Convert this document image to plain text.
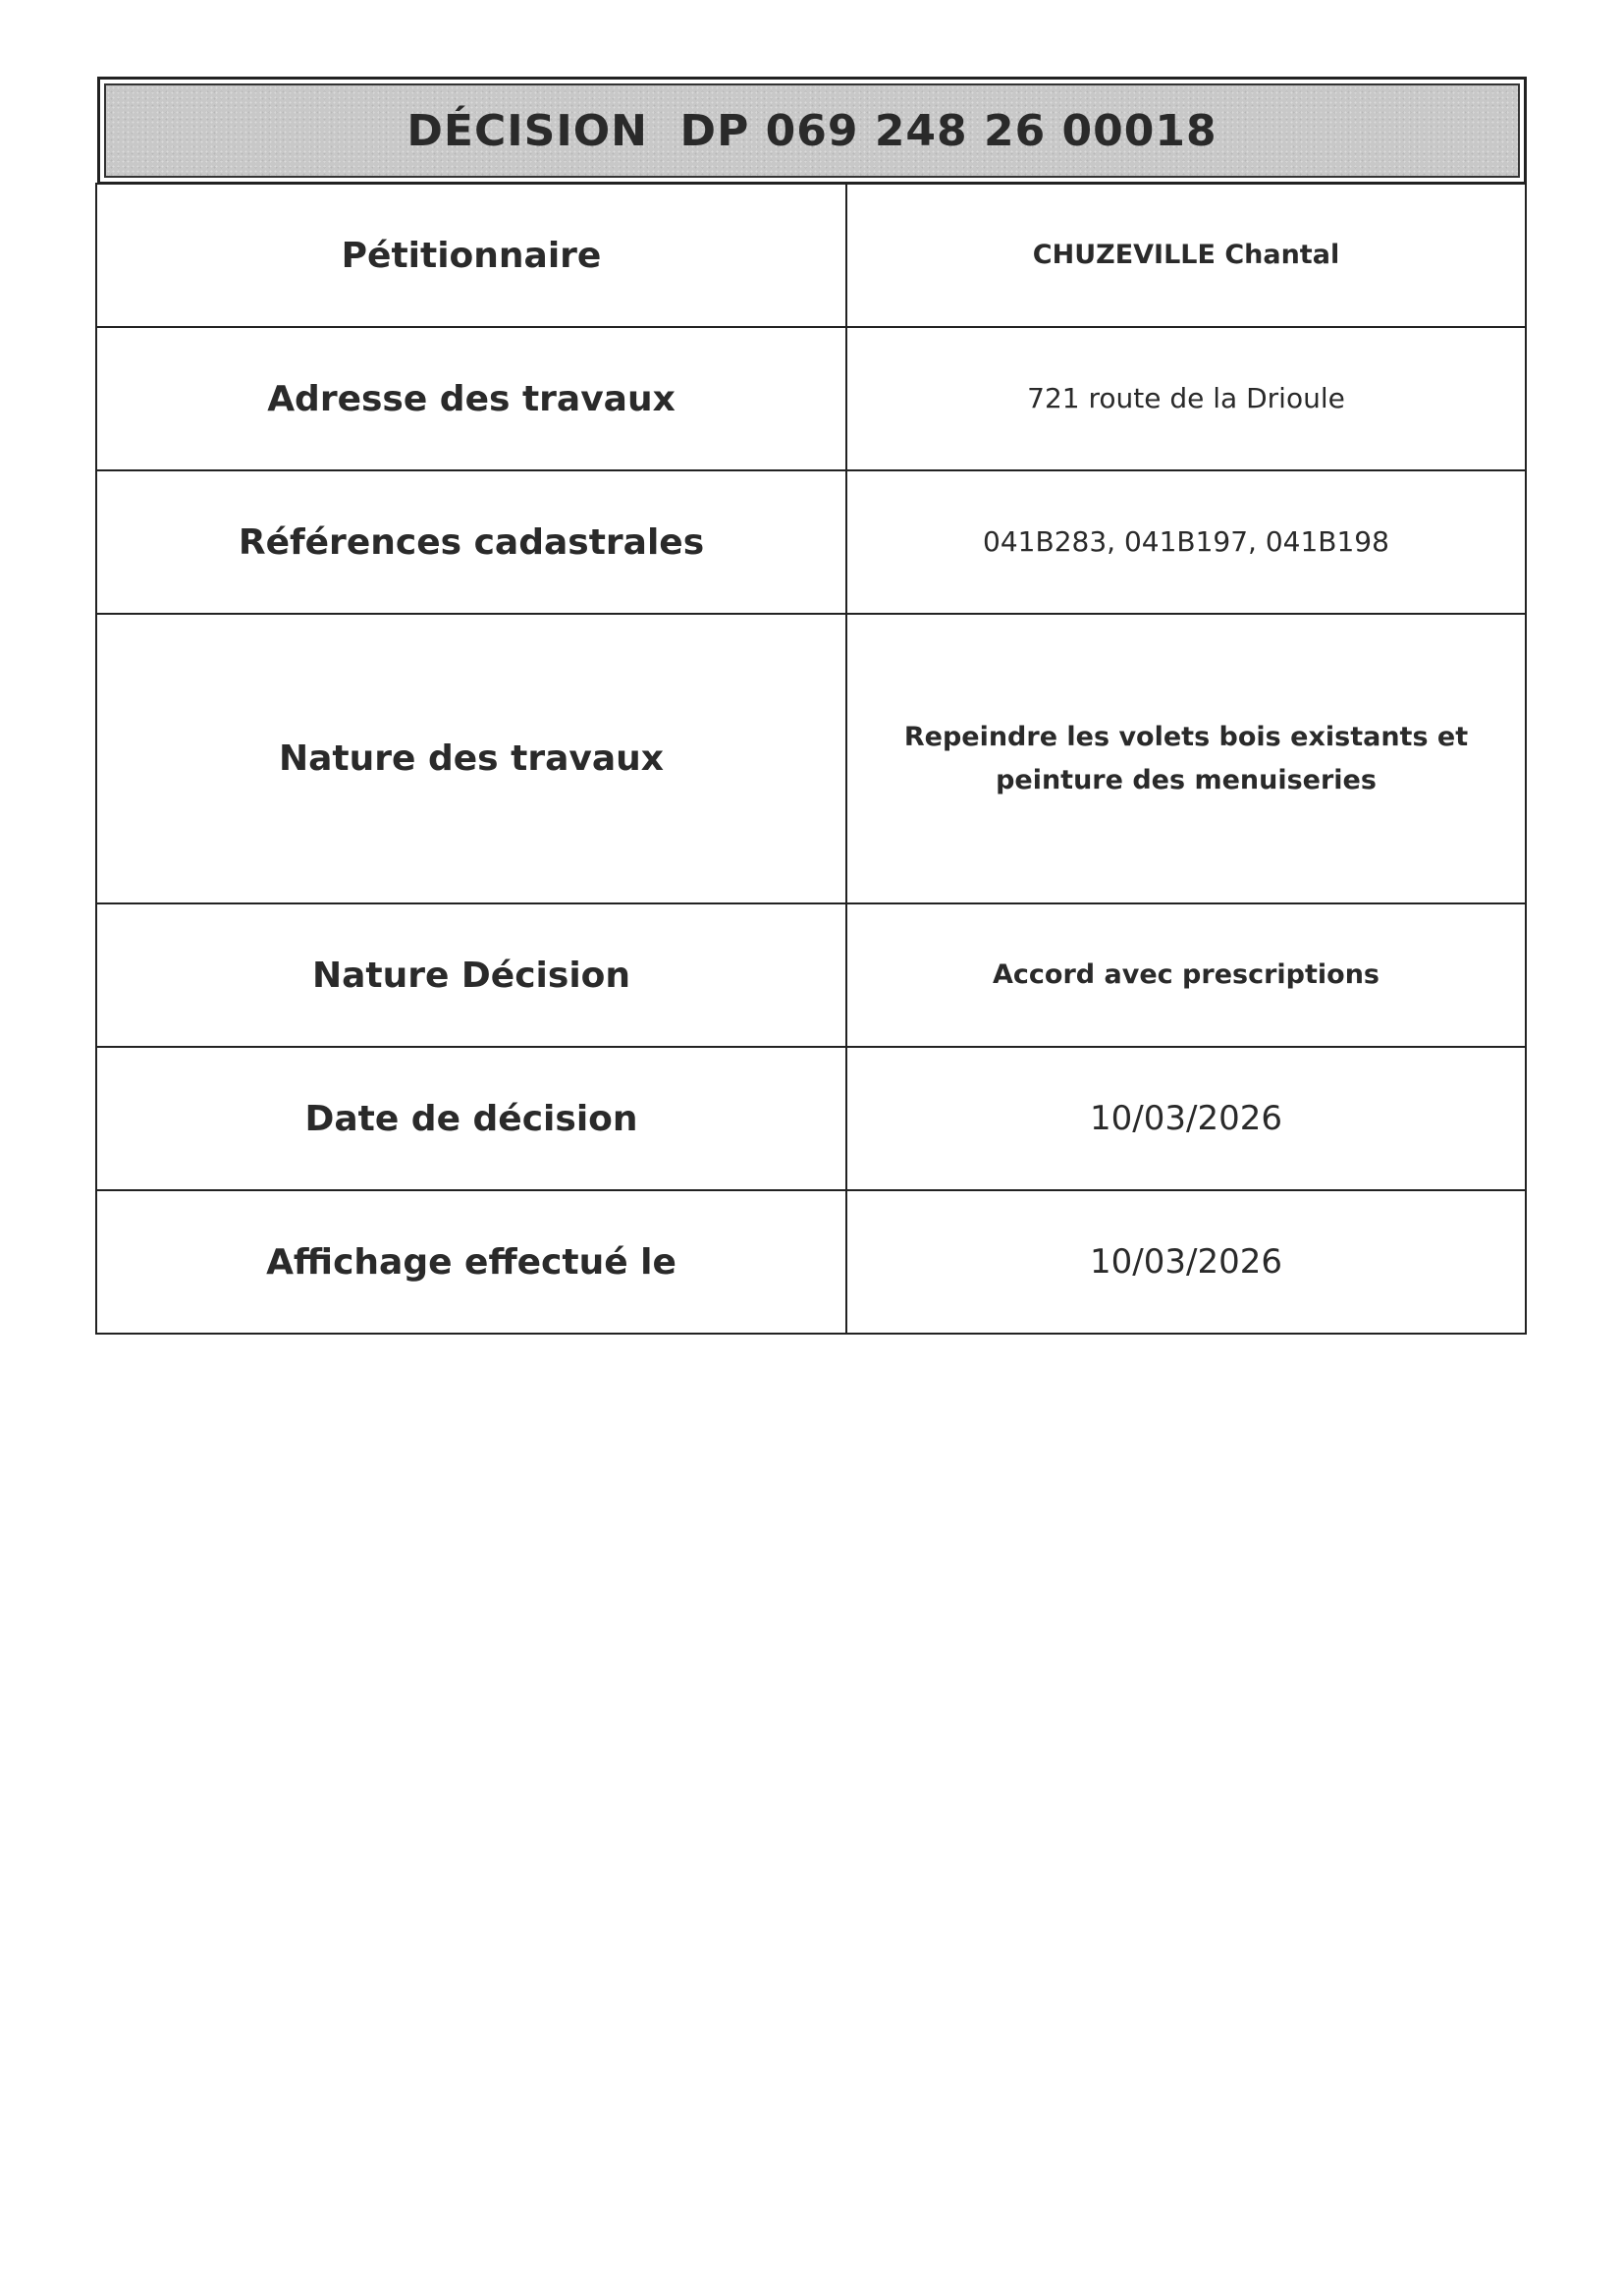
DÉCISION  DP 069 248 26 00018
Pétitionnaire	CHUZEVILLE Chantal
Adresse des travaux	721 route de la Drioule
Références cadastrales	041B283, 041B197, 041B198
Nature des travaux	Repeindre les volets bois existants et peinture des menuiseries
Nature Décision	Accord avec prescriptions
Date de décision	10/03/2026
Affichage effectué le	10/03/2026
